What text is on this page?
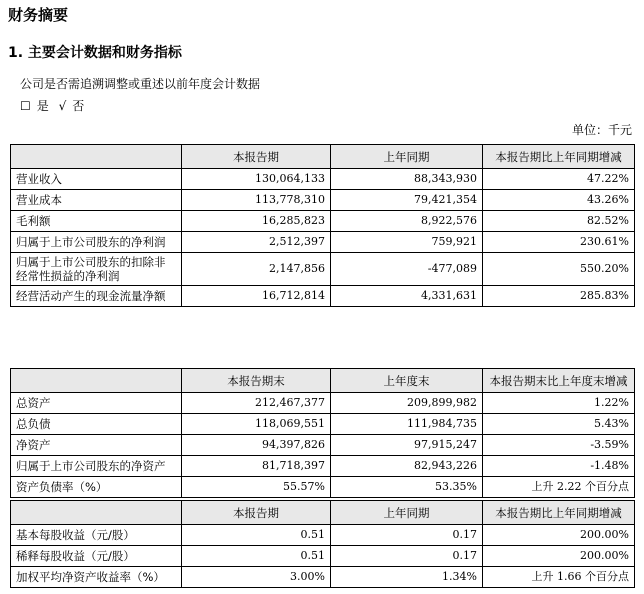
财务摘要
1. 主要会计数据和财务指标
公司是否需追溯调整或重述以前年度会计数据
☐ 是 √ 否
单位：千元
	本报告期	上年同期	本报告期比上年同期增减
营业收入	130,064,133	88,343,930	47.22%
营业成本	113,778,310	79,421,354	43.26%
毛利额	16,285,823	8,922,576	82.52%
归属于上市公司股东的净利润	2,512,397	759,921	230.61%
归属于上市公司股东的扣除非经常性损益的净利润	2,147,856	-477,089	550.20%
经营活动产生的现金流量净额	16,712,814	4,331,631	285.83%
	本报告期末	上年度末	本报告期末比上年度末增减
总资产	212,467,377	209,899,982	1.22%
总负债	118,069,551	111,984,735	5.43%
净资产	94,397,826	97,915,247	-3.59%
归属于上市公司股东的净资产	81,718,397	82,943,226	-1.48%
资产负债率（%）	55.57%	53.35%	上升 2.22 个百分点
	本报告期	上年同期	本报告期比上年同期增减
基本每股收益（元/股）	0.51	0.17	200.00%
稀释每股收益（元/股）	0.51	0.17	200.00%
加权平均净资产收益率（%）	3.00%	1.34%	上升 1.66 个百分点
